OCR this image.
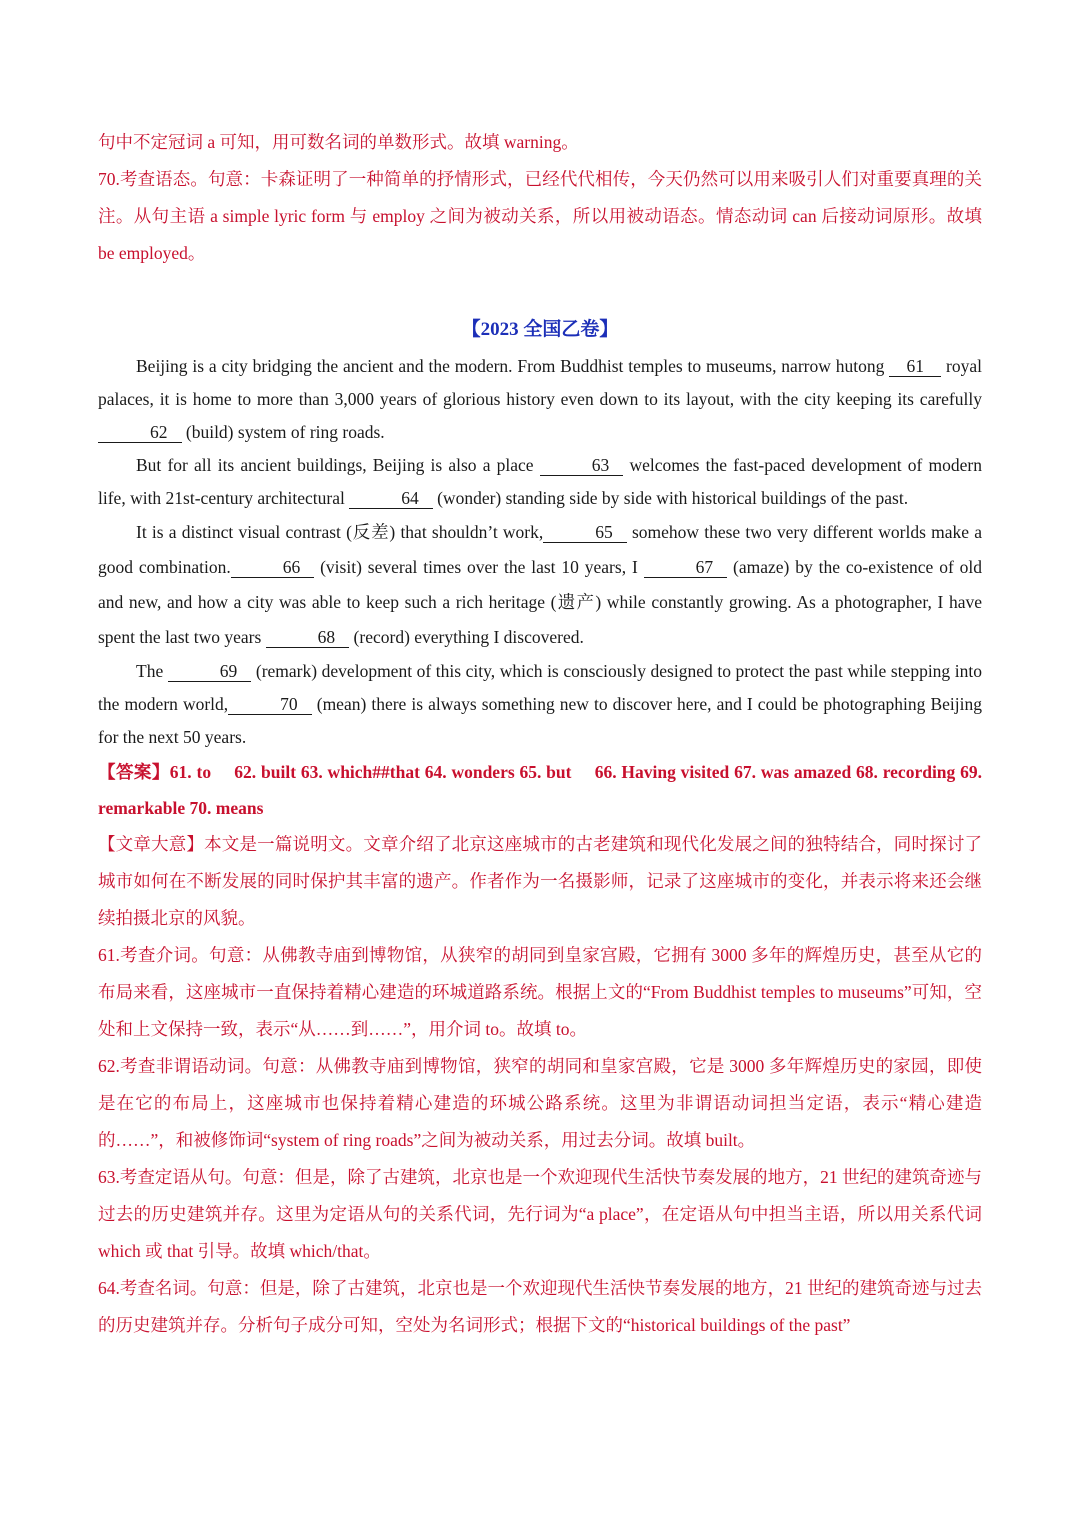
句中不定冠词 a 可知，用可数名词的单数形式。故填 warning。
70.考查语态。句意：卡森证明了一种简单的抒情形式，已经代代相传，今天仍然可以用来吸引人们对重要真理的关注。从句主语 a simple lyric form 与 employ 之间为被动关系，所以用被动语态。情态动词 can 后接动词原形。故填 be employed。
【2023 全国乙卷】

Beijing is a city bridging the ancient and the modern. From Buddhist temples to museums, narrow hutong 61 royal palaces, it is home to more than 3,000 years of glorious history even down to its layout, with the city keeping its carefully 62 (build) system of ring roads.

But for all its ancient buildings, Beijing is also a place	63 welcomes the fast-paced development of modern life, with 21st-century architectural	64 (wonder) standing side by side with historical buildings of the past.

It is a distinct visual contrast (反差) that shouldn’t work,	65 somehow these two very different worlds make a good combination.	66 (visit) several times over the last 10 years, I	67 (amaze) by the co-existence of old and new, and how a city was able to keep such a rich heritage (遗产) while constantly growing. As a photographer, I have spent the last two years	68 (record) everything I discovered.

The	69 (remark) development of this city, which is consciously designed to protect the past while stepping into the modern world,	70 (mean) there is always something new to discover here, and I could be photographing Beijing for the next 50 years.

【答案】61. to　 62. built 63. which##that 64. wonders 65. but　 66. Having visited 67. was amazed 68. recording 69. remarkable 70. means
【文章大意】本文是一篇说明文。文章介绍了北京这座城市的古老建筑和现代化发展之间的独特结合，同时探讨了城市如何在不断发展的同时保护其丰富的遗产。作者作为一名摄影师，记录了这座城市的变化，并表示将来还会继续拍摄北京的风貌。
61.考查介词。句意：从佛教寺庙到博物馆，从狭窄的胡同到皇家宫殿，它拥有 3000 多年的辉煌历史，甚至从它的布局来看，这座城市一直保持着精心建造的环城道路系统。根据上文的“From Buddhist temples to museums”可知，空处和上文保持一致，表示“从……到……”，用介词 to。故填 to。
62.考查非谓语动词。句意：从佛教寺庙到博物馆，狭窄的胡同和皇家宫殿，它是 3000 多年辉煌历史的家园，即使是在它的布局上，这座城市也保持着精心建造的环城公路系统。这里为非谓语动词担当定语，表示“精心建造的……”，和被修饰词“system of ring roads”之间为被动关系，用过去分词。故填 built。
63.考查定语从句。句意：但是，除了古建筑，北京也是一个欢迎现代生活快节奏发展的地方，21 世纪的建筑奇迹与过去的历史建筑并存。这里为定语从句的关系代词，先行词为“a place”，在定语从句中担当主语，所以用关系代词 which 或 that 引导。故填 which/that。
64.考查名词。句意：但是，除了古建筑，北京也是一个欢迎现代生活快节奏发展的地方，21 世纪的建筑奇迹与过去的历史建筑并存。分析句子成分可知，空处为名词形式；根据下文的“historical buildings of the past”
